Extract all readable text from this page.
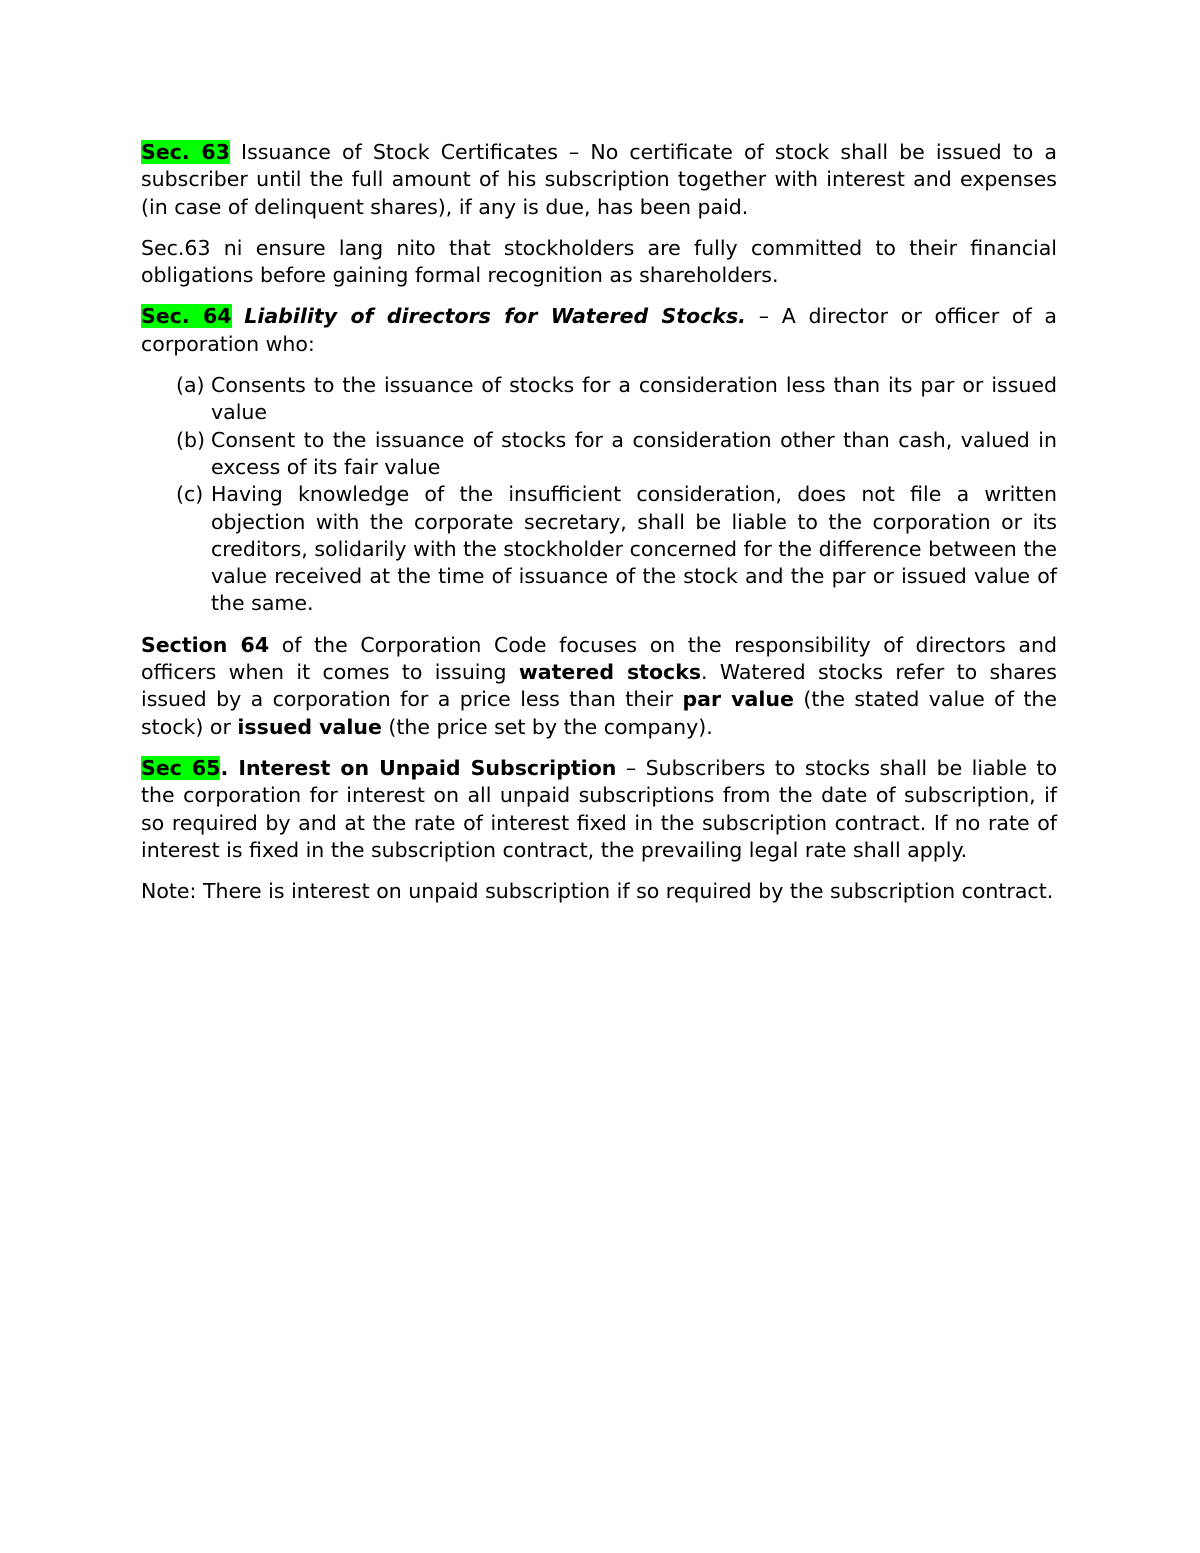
Sec. 63 Issuance of Stock Certificates – No certificate of stock shall be issued to a subscriber until the full amount of his subscription together with interest and expenses (in case of delinquent shares), if any is due, has been paid.

Sec.63 ni ensure lang nito that stockholders are fully committed to their financial obligations before gaining formal recognition as shareholders.

Sec. 64 Liability of directors for Watered Stocks. – A director or officer of a corporation who:

(a) Consents to the issuance of stocks for a consideration less than its par or issued value
(b) Consent to the issuance of stocks for a consideration other than cash, valued in excess of its fair value
(c) Having knowledge of the insufficient consideration, does not file a written objection with the corporate secretary, shall be liable to the corporation or its creditors, solidarily with the stockholder concerned for the difference between the value received at the time of issuance of the stock and the par or issued value of the same.

Section 64 of the Corporation Code focuses on the responsibility of directors and officers when it comes to issuing watered stocks. Watered stocks refer to shares issued by a corporation for a price less than their par value (the stated value of the stock) or issued value (the price set by the company).

Sec 65. Interest on Unpaid Subscription – Subscribers to stocks shall be liable to the corporation for interest on all unpaid subscriptions from the date of subscription, if so required by and at the rate of interest fixed in the subscription contract. If no rate of interest is fixed in the subscription contract, the prevailing legal rate shall apply.

Note: There is interest on unpaid subscription if so required by the subscription contract.
